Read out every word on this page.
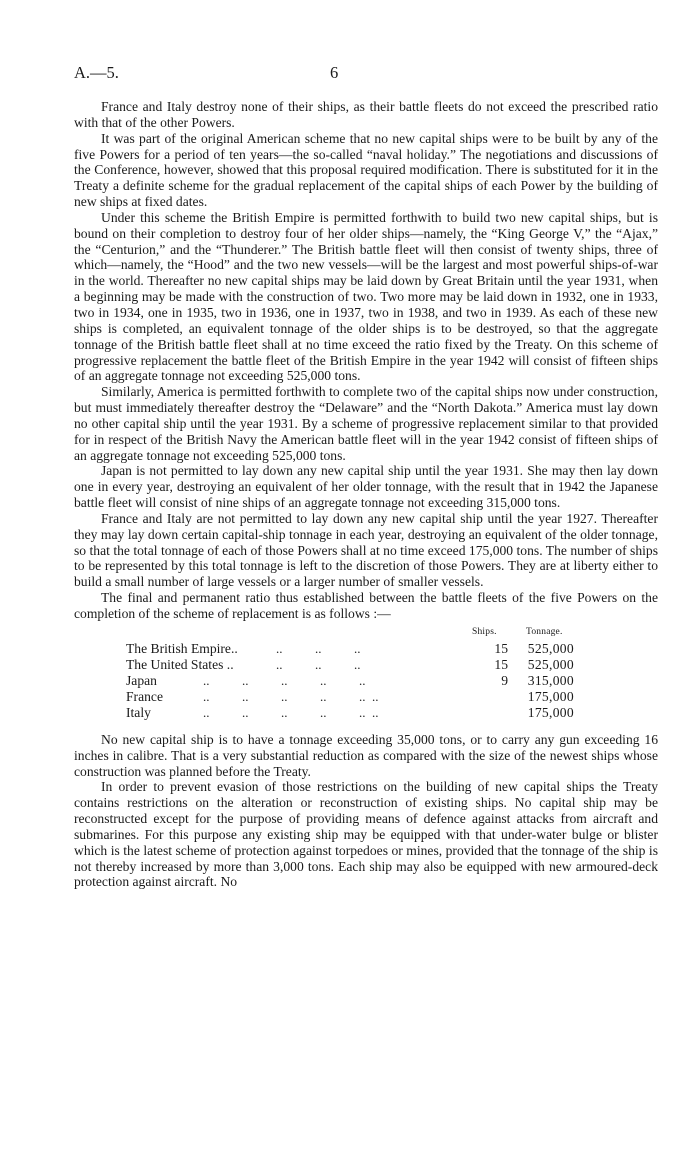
A.—5.	6

France and Italy destroy none of their ships, as their battle fleets do not exceed the prescribed ratio with that of the other Powers.

It was part of the original American scheme that no new capital ships were to be built by any of the five Powers for a period of ten years—the so-called “naval holiday.” The negotiations and discussions of the Conference, however, showed that this proposal required modification. There is substituted for it in the Treaty a definite scheme for the gradual replacement of the capital ships of each Power by the building of new ships at fixed dates.

Under this scheme the British Empire is permitted forthwith to build two new capital ships, but is bound on their completion to destroy four of her older ships—namely, the “King George V,” the “Ajax,” the “Centurion,” and the “Thunderer.” The British battle fleet will then consist of twenty ships, three of which—namely, the “Hood” and the two new vessels—will be the largest and most powerful ships-of-war in the world. Thereafter no new capital ships may be laid down by Great Britain until the year 1931, when a beginning may be made with the construction of two. Two more may be laid down in 1932, one in 1933, two in 1934, one in 1935, two in 1936, one in 1937, two in 1938, and two in 1939. As each of these new ships is completed, an equivalent tonnage of the older ships is to be destroyed, so that the aggregate tonnage of the British battle fleet shall at no time exceed the ratio fixed by the Treaty. On this scheme of progressive replacement the battle fleet of the British Empire in the year 1942 will consist of fifteen ships of an aggregate tonnage not exceeding 525,000 tons.

Similarly, America is permitted forthwith to complete two of the capital ships now under construction, but must immediately thereafter destroy the “Delaware” and the “North Dakota.” America must lay down no other capital ship until the year 1931. By a scheme of progressive replacement similar to that provided for in respect of the British Navy the American battle fleet will in the year 1942 consist of fifteen ships of an aggregate tonnage not exceeding 525,000 tons.

Japan is not permitted to lay down any new capital ship until the year 1931. She may then lay down one in every year, destroying an equivalent of her older tonnage, with the result that in 1942 the Japanese battle fleet will consist of nine ships of an aggregate tonnage not exceeding 315,000 tons.

France and Italy are not permitted to lay down any new capital ship until the year 1927. Thereafter they may lay down certain capital-ship tonnage in each year, destroying an equivalent of the older tonnage, so that the total tonnage of each of those Powers shall at no time exceed 175,000 tons. The number of ships to be represented by this total tonnage is left to the discretion of those Powers. They are at liberty either to build a small number of large vessels or a larger number of smaller vessels.

The final and permanent ratio thus established between the battle fleets of the five Powers on the completion of the scheme of replacement is as follows :—

Ships.	Tonnage.
The British Empire..	..          ..          ..	15 525,000
The United States ..	..          ..          ..	15 525,000
Japan	..          ..          ..          ..          ..	9 315,000
France	..          ..          ..          ..          ..  ..	175,000
Italy	..          ..          ..          ..          ..  ..	175,000

No new capital ship is to have a tonnage exceeding 35,000 tons, or to carry any gun exceeding 16 inches in calibre. That is a very substantial reduction as compared with the size of the newest ships whose construction was planned before the Treaty.

In order to prevent evasion of those restrictions on the building of new capital ships the Treaty contains restrictions on the alteration or reconstruction of existing ships. No capital ship may be reconstructed except for the purpose of providing means of defence against attacks from aircraft and submarines. For this purpose any existing ship may be equipped with that under-water bulge or blister which is the latest scheme of protection against torpedoes or mines, provided that the tonnage of the ship is not thereby increased by more than 3,000 tons. Each ship may also be equipped with new armoured-deck protection against aircraft. No
